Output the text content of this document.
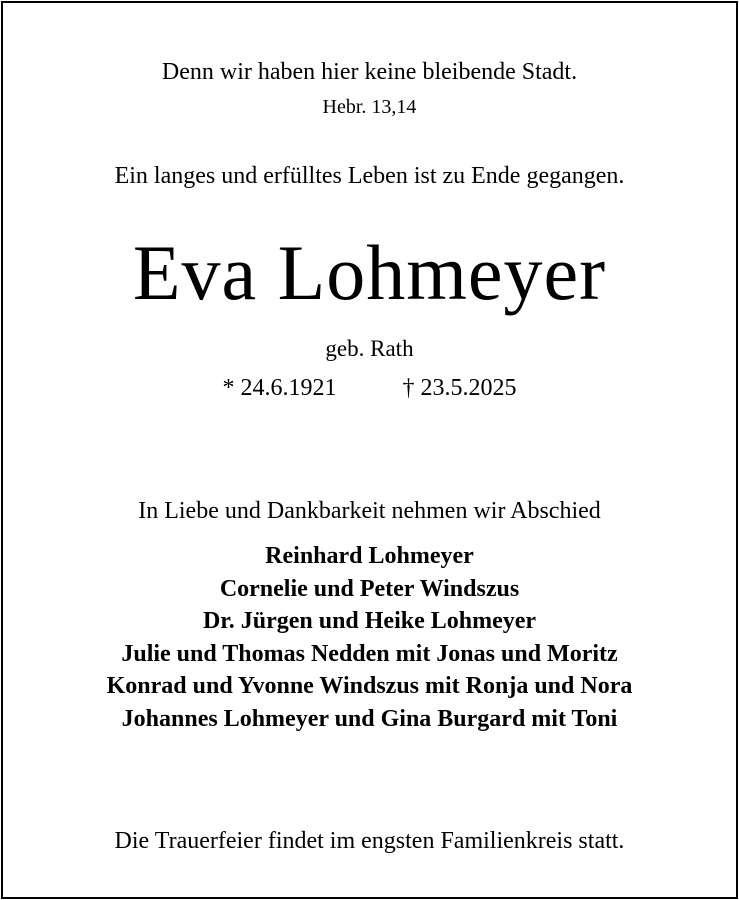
Denn wir haben hier keine bleibende Stadt.
Hebr. 13,14
Ein langes und erfülltes Leben ist zu Ende gegangen.
Eva Lohmeyer
geb. Rath
* 24.6.1921	† 23.5.2025
In Liebe und Dankbarkeit nehmen wir Abschied
Reinhard Lohmeyer
Cornelie und Peter Windszus
Dr. Jürgen und Heike Lohmeyer
Julie und Thomas Nedden mit Jonas und Moritz
Konrad und Yvonne Windszus mit Ronja und Nora
Johannes Lohmeyer und Gina Burgard mit Toni
Die Trauerfeier findet im engsten Familienkreis statt.
